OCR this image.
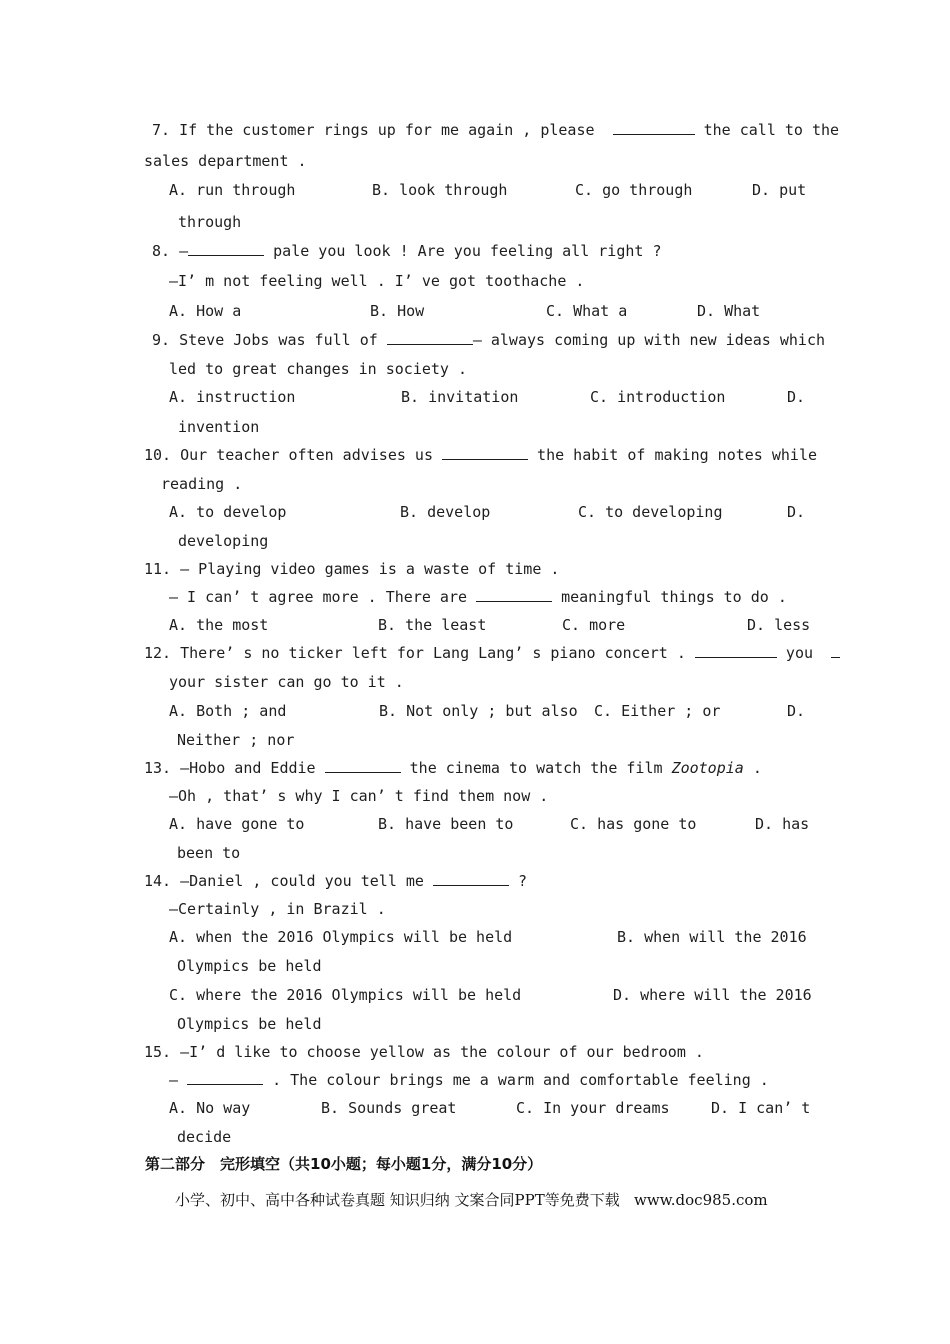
7. If the customer rings up for me again , please	the call to the
sales department .
A. run through	B. look through	C. go through	D. put
through
8. —	pale you look ! Are you feeling all right ?
—I’ m not feeling well . I’ ve got toothache .
A. How a	B. How	C. What a	D. What
9. Steve Jobs was full of	— always coming up with new ideas which
led to great changes in society .
A. instruction	B. invitation	C. introduction	D.
invention
10. Our teacher often advises us	the habit of making notes while
reading .
A. to develop	B. develop	C. to developing	D.
developing
11. — Playing video games is a waste of time .
— I can’ t agree more . There are	meaningful things to do .
A. the most	B. the least	C. more	D. less
12. There’ s no ticker left for Lang Lang’ s piano concert .	you
your sister can go to it .
A. Both ; and	B. Not only ; but also C. Either ; or	D.
Neither ; nor
13. —Hobo and Eddie	the cinema to watch the film Zootopia .
—Oh , that’ s why I can’ t find them now .
A. have gone to	B. have been to	C. has gone to	D. has
been to
14. —Daniel , could you tell me	?
—Certainly , in Brazil .
A. when the 2016 Olympics will be held	B. when will the 2016
Olympics be held
C. where the 2016 Olympics will be held	D. where will the 2016
Olympics be held
15. —I’ d like to choose yellow as the colour of our bedroom .
—	. The colour brings me a warm and comfortable feeling .
A. No way	B. Sounds great	C. In your dreams	D. I can’ t
decide
第二部分　完形填空（共10小题；每小题1分，满分10分）
小学、初中、高中各种试卷真题 知识归纳 文案合同PPT等免费下载   www.doc985.com
